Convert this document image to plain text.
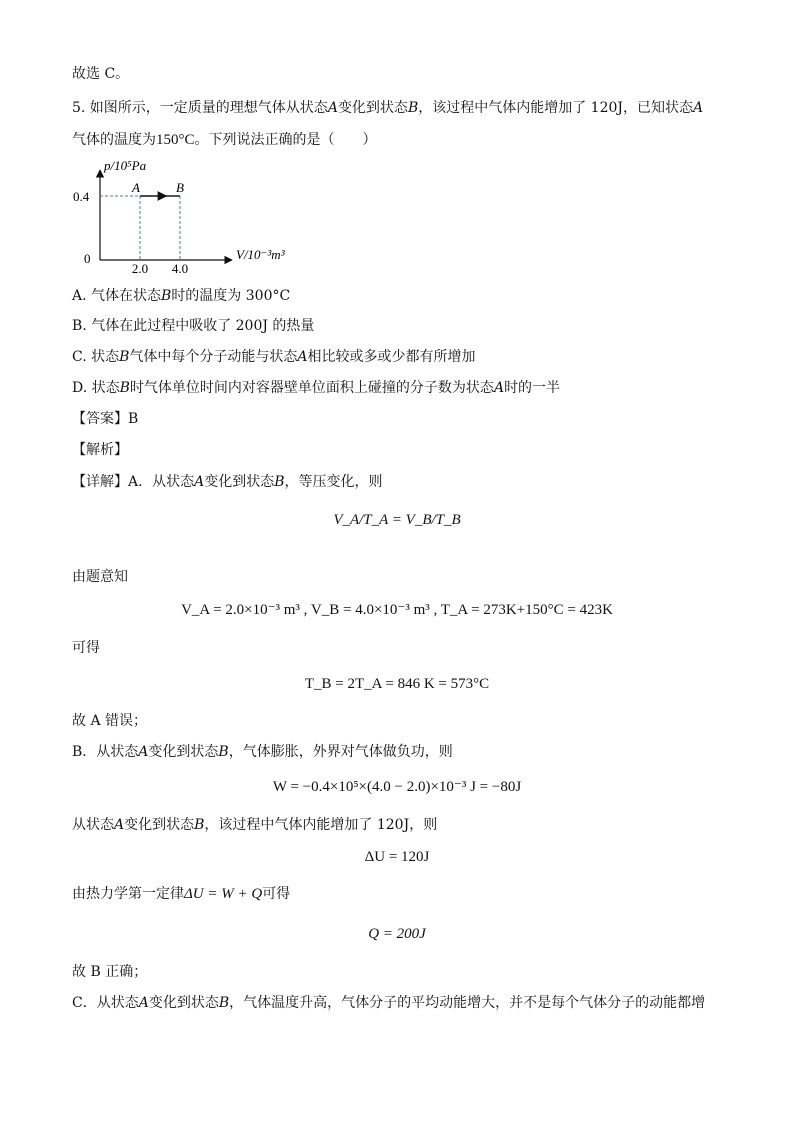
故选 C。
5. 如图所示，一定质量的理想气体从状态A变化到状态B，该过程中气体内能增加了 120J，已知状态A
气体的温度为150°C。下列说法正确的是（　　）
p/10⁵Pa
V/10⁻³m³
0
0.4
2.0 4.0
A	B
A. 气体在状态B时的温度为 300°C
B. 气体在此过程中吸收了 200J 的热量
C. 状态B气体中每个分子动能与状态A相比较或多或少都有所增加
D. 状态B时气体单位时间内对容器壁单位面积上碰撞的分子数为状态A时的一半
【答案】B
【解析】
【详解】A．从状态A变化到状态B，等压变化，则
V_A/T_A = V_B/T_B
由题意知
V_A = 2.0×10⁻³ m³ , V_B = 4.0×10⁻³ m³ , T_A = 273K+150°C = 423K
可得
T_B = 2T_A = 846 K = 573°C
故 A 错误；
B．从状态A变化到状态B，气体膨胀，外界对气体做负功，则
W = −0.4×10⁵×(4.0 − 2.0)×10⁻³ J = −80J
从状态A变化到状态B，该过程中气体内能增加了 120J，则
ΔU = 120J
由热力学第一定律ΔU = W + Q可得
Q = 200J
故 B 正确；
C．从状态A变化到状态B，气体温度升高，气体分子的平均动能增大，并不是每个气体分子的动能都增
